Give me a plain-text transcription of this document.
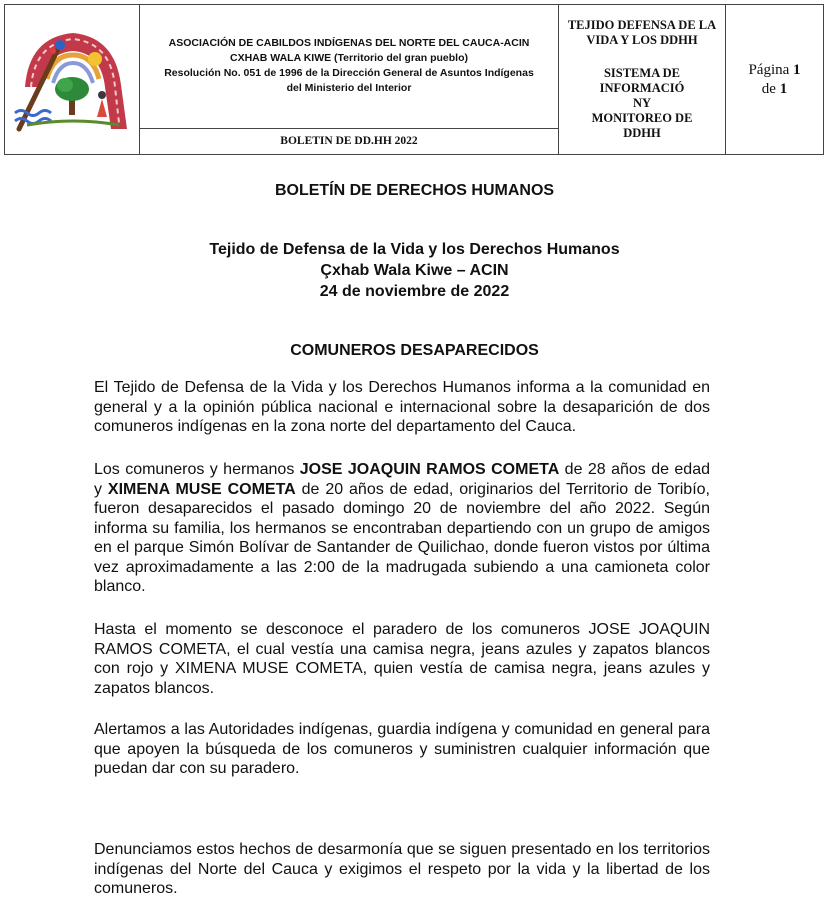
ASOCIACIÓN DE CABILDOS INDÍGENAS DEL NORTE DEL CAUCA-ACIN
CXHAB WALA KIWE (Territorio del gran pueblo)
Resolución No. 051 de 1996 de la Dirección General de Asuntos Indígenas
del Ministerio del Interior

TEJIDO DEFENSA DE LA
VIDA Y LOS DDHH
SISTEMA DE
INFORMACIÓ
NY
MONITOREO DE
DDHH

Página 1
de 1

BOLETIN DE DD.HH 2022
BOLETÍN DE DERECHOS HUMANOS
Tejido de Defensa de la Vida y los Derechos Humanos
Çxhab Wala Kiwe – ACIN
24 de noviembre de 2022
COMUNEROS DESAPARECIDOS
El Tejido de Defensa de la Vida y los Derechos Humanos informa a la comunidad en general y a la opinión pública nacional e internacional sobre la desaparición de dos comuneros indígenas en la zona norte del departamento del Cauca.
Los comuneros y hermanos JOSE JOAQUIN RAMOS COMETA de 28 años de edad y XIMENA MUSE COMETA de 20 años de edad, originarios del Territorio de Toribío, fueron desaparecidos el pasado domingo 20 de noviembre del año 2022. Según informa su familia, los hermanos se encontraban departiendo con un grupo de amigos en el parque Simón Bolívar de Santander de Quilichao, donde fueron vistos por última vez aproximadamente a las 2:00 de la madrugada subiendo a una camioneta color blanco.
Hasta el momento se desconoce el paradero de los comuneros JOSE JOAQUIN RAMOS COMETA, el cual vestía una camisa negra, jeans azules y zapatos blancos con rojo y XIMENA MUSE COMETA, quien vestía de camisa negra, jeans azules y zapatos blancos.
Alertamos a las Autoridades indígenas, guardia indígena y comunidad en general para que apoyen la búsqueda de los comuneros y suministren cualquier información que puedan dar con su paradero.
Denunciamos estos hechos de desarmonía que se siguen presentado en los territorios indígenas del Norte del Cauca y exigimos el respeto por la vida y la libertad de los comuneros.
